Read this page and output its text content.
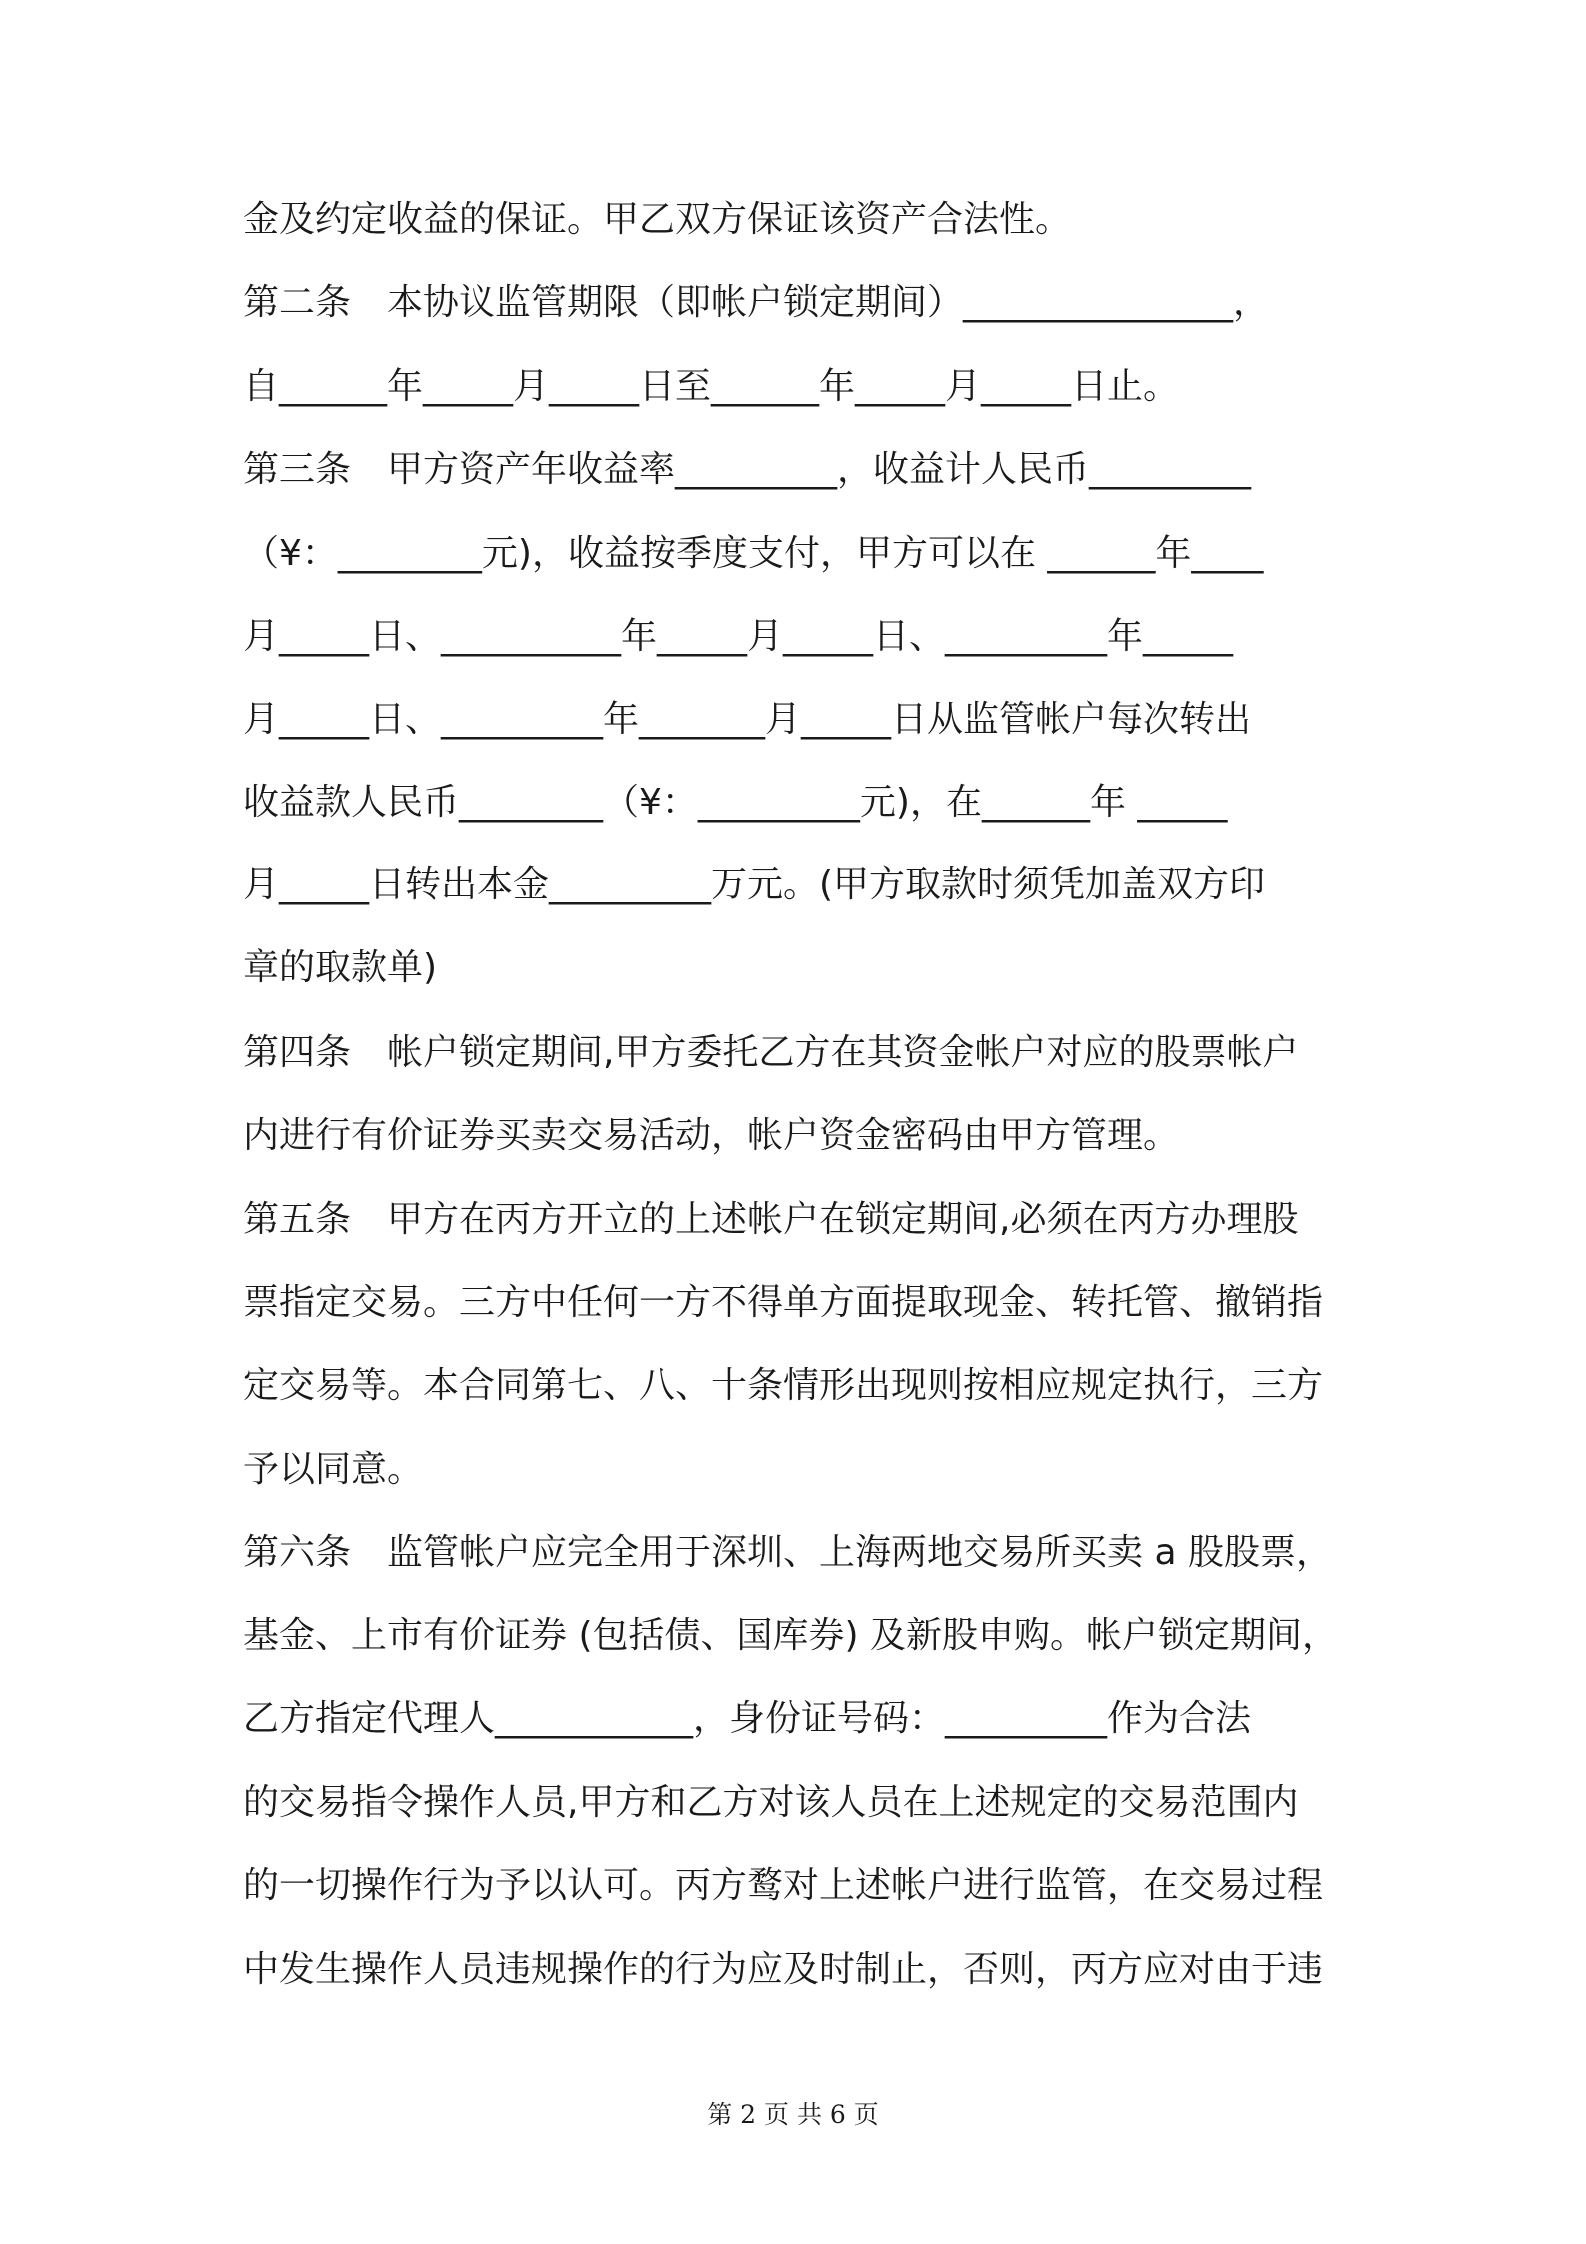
金及约定收益的保证。甲乙双方保证该资产合法性。
第二条　本协议监管期限（即帐户锁定期间）_______________，
自______年_____月_____日至______年_____月_____日止。
第三条　甲方资产年收益率_________，收益计人民币_________
（¥：________元)，收益按季度支付，甲方可以在 ______年____
月_____日、__________年_____月_____日、_________年_____
月_____日、_________年_______月_____日从监管帐户每次转出
收益款人民币________（¥：_________元)，在______年 _____
月_____日转出本金_________万元。(甲方取款时须凭加盖双方印
章的取款单)
第四条　帐户锁定期间,甲方委托乙方在其资金帐户对应的股票帐户
内进行有价证券买卖交易活动，帐户资金密码由甲方管理。
第五条　甲方在丙方开立的上述帐户在锁定期间,必须在丙方办理股
票指定交易。三方中任何一方不得单方面提取现金、转托管、撤销指
定交易等。本合同第七、八、十条情形出现则按相应规定执行，三方
予以同意。
第六条　监管帐户应完全用于深圳、上海两地交易所买卖 a 股股票，
基金、上市有价证券 (包括债、国库券) 及新股申购。帐户锁定期间，
乙方指定代理人___________，身份证号码：_________作为合法
的交易指令操作人员,甲方和乙方对该人员在上述规定的交易范围内
的一切操作行为予以认可。丙方鹜对上述帐户进行监管，在交易过程
中发生操作人员违规操作的行为应及时制止，否则，丙方应对由于违
第 2 页 共 6 页
